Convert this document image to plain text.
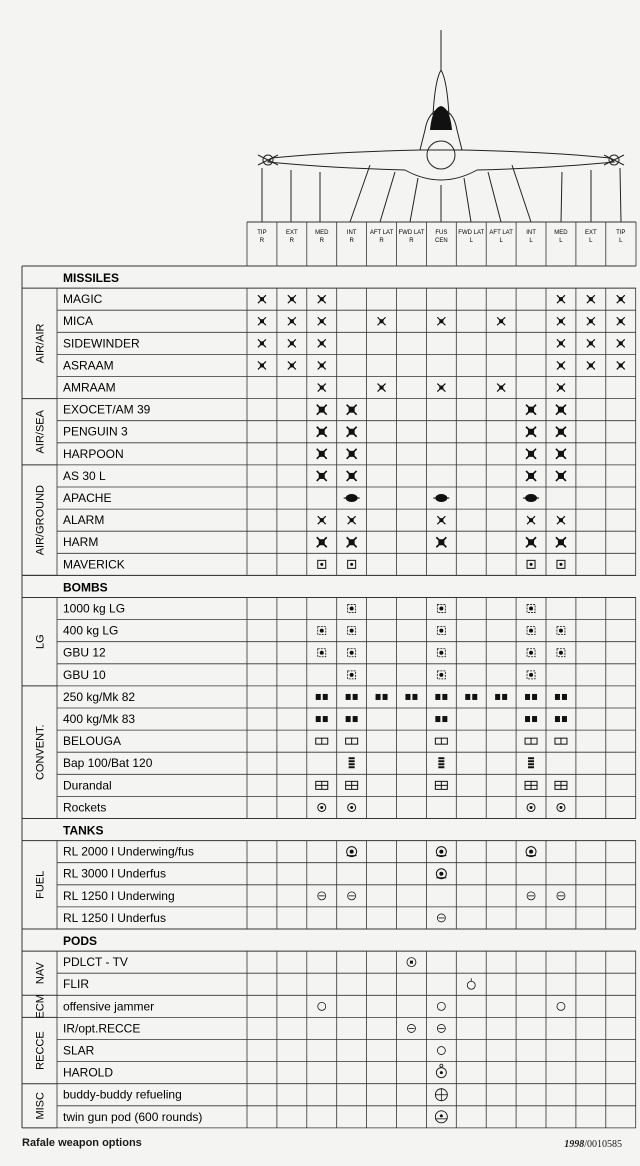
TIP
R
EXT
R
MED
R
INT
R
AFT LAT
R
FWD LAT
R
FUS
CEN
FWD LAT
L
AFT LAT
L
INT
L
MED
L
EXT
L
TIP
L
MISSILES
MAGIC
MICA
SIDEWINDER
ASRAAM
AMRAAM
AIR/AIR
EXOCET/AM 39
PENGUIN 3
HARPOON
AIR/SEA
AS 30 L
APACHE
ALARM
HARM
MAVERICK
AIR/GROUND
BOMBS
1000 kg LG
400 kg LG
GBU 12
GBU 10
LG
250 kg/Mk 82
400 kg/Mk 83
BELOUGA
Bap 100/Bat 120
Durandal
Rockets
CONVENT.
TANKS
RL 2000 l Underwing/fus
RL 3000 l Underfus
RL 1250 l Underwing
RL 1250 l Underfus
FUEL
PODS
PDLCT - TV
FLIR
NAV
offensive jammer
ECM
IR/opt.RECCE
SLAR
HAROLD
RECCE
buddy-buddy refueling
twin gun pod (600 rounds)
MISC
Rafale weapon options	1998/0010585
